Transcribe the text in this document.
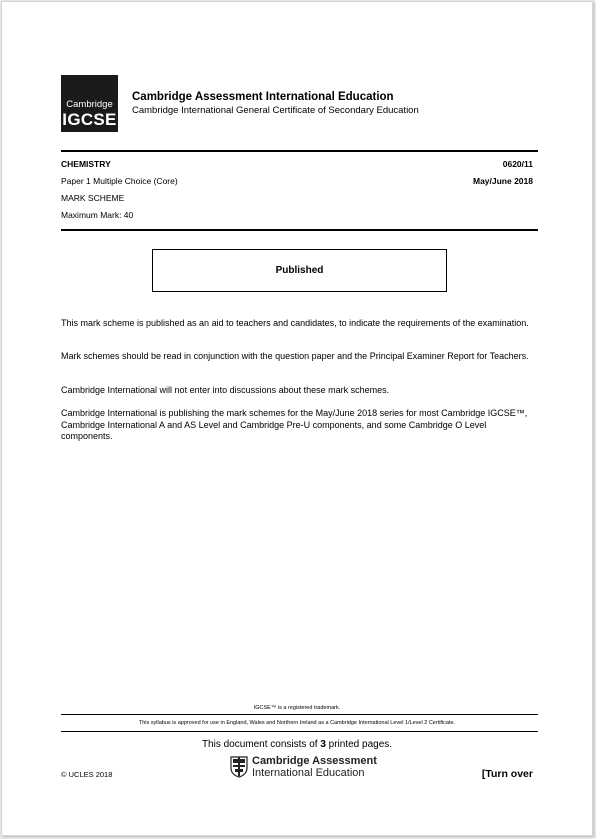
Cambridge
IGCSE
Cambridge Assessment International Education
Cambridge International General Certificate of Secondary Education
CHEMISTRY	0620/11
Paper 1 Multiple Choice (Core)	May/June 2018
MARK SCHEME
Maximum Mark: 40
Published
This mark scheme is published as an aid to teachers and candidates, to indicate the requirements of the examination.
Mark schemes should be read in conjunction with the question paper and the Principal Examiner Report for Teachers.
Cambridge International will not enter into discussions about these mark schemes.
Cambridge International is publishing the mark schemes for the May/June 2018 series for most Cambridge IGCSE™, Cambridge International A and AS Level and Cambridge Pre-U components, and some Cambridge O Level components.
IGCSE™ is a registered trademark.
This syllabus is approved for use in England, Wales and Northern Ireland as a Cambridge International Level 1/Level 2 Certificate.
This document consists of 3 printed pages.
© UCLES 2018
Cambridge Assessment
International Education	[Turn over
